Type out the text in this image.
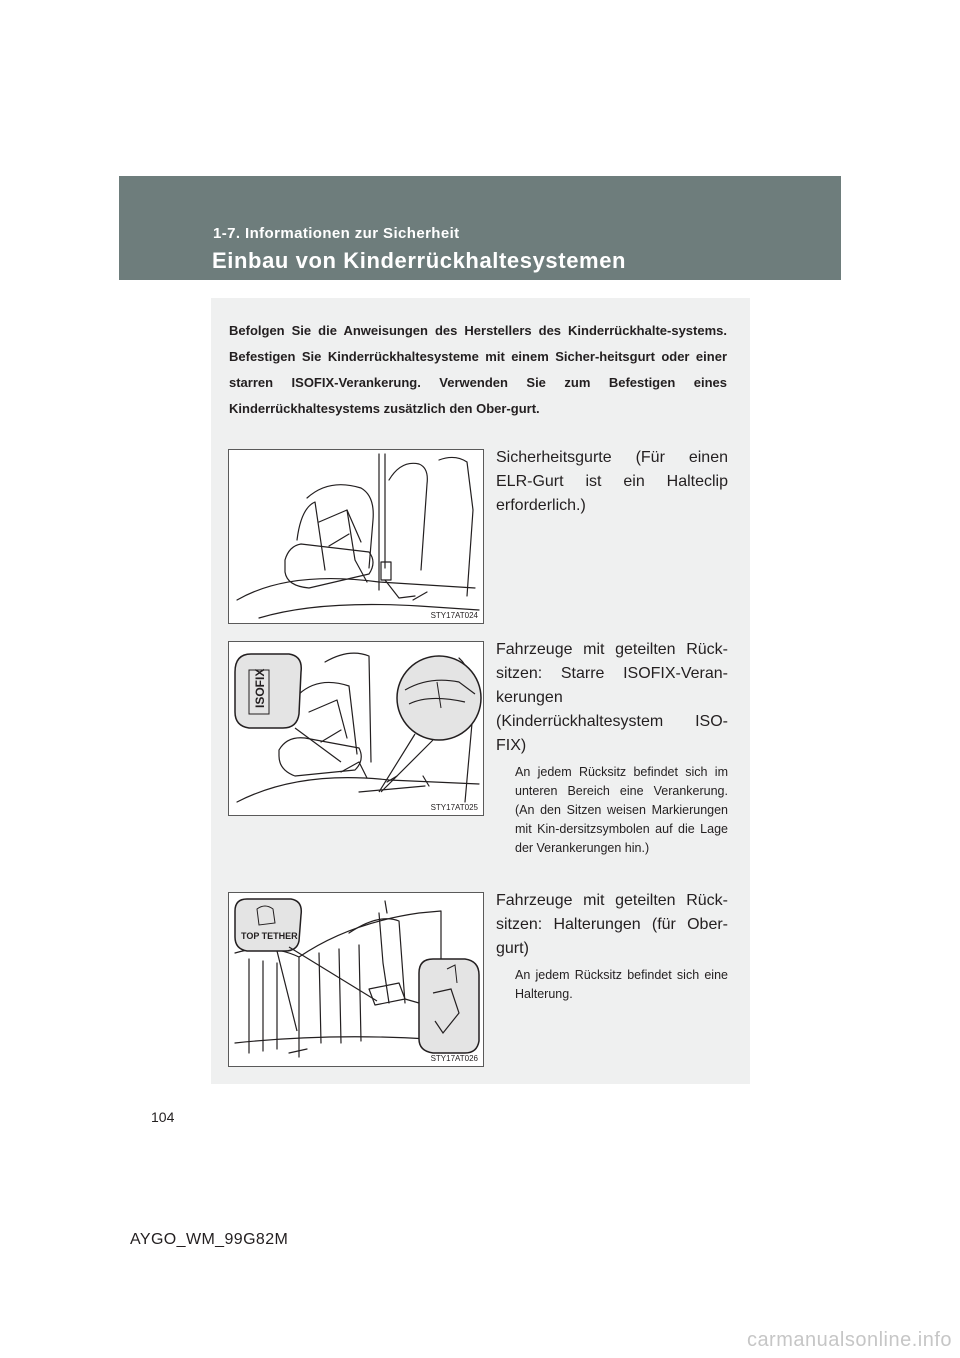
1-7. Informationen zur Sicherheit
Einbau von Kinderrückhaltesystemen

Befolgen Sie die Anweisungen des Herstellers des Kinderrückhalte-systems. Befestigen Sie Kinderrückhaltesysteme mit einem Sicher-heitsgurt oder einer starren ISOFIX-Verankerung. Verwenden Sie zum Befestigen eines Kinderrückhaltesystems zusätzlich den Ober-gurt.

STY17AT024

Sicherheitsgurte (Für einen ELR-Gurt ist ein Halteclip erforderlich.)

ISOFIX
STY17AT025

Fahrzeuge mit geteilten Rück-sitzen: Starre ISOFIX-Veran-kerungen (Kinderrückhaltesystem ISO-FIX)

An jedem Rücksitz befindet sich im unteren Bereich eine Verankerung. (An den Sitzen weisen Markierungen mit Kin-dersitzsymbolen auf die Lage der Verankerungen hin.)

TOP TETHER
STY17AT026

Fahrzeuge mit geteilten Rück-sitzen: Halterungen (für Ober-gurt)

An jedem Rücksitz befindet sich eine Halterung.

104
AYGO_WM_99G82M
carmanualsonline.info
